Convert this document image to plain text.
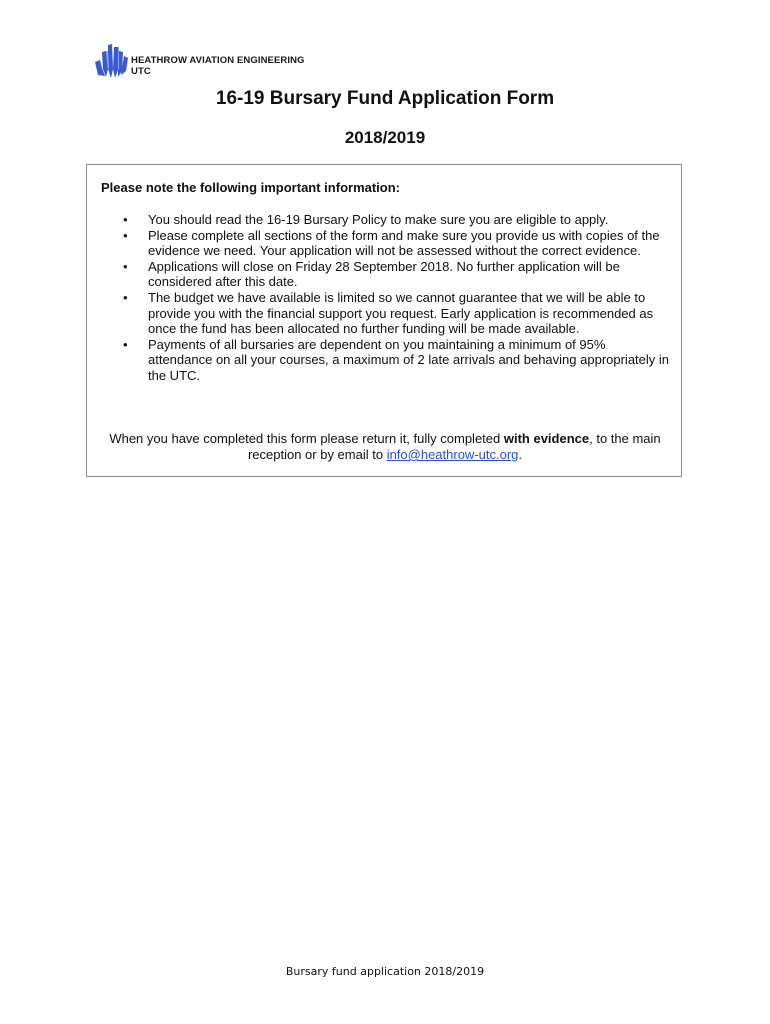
HEATHROW AVIATION ENGINEERING
UTC
16-19 Bursary Fund Application Form
2018/2019
Please note the following important information:
• You should read the 16-19 Bursary Policy to make sure you are eligible to apply.
• Please complete all sections of the form and make sure you provide us with copies of the evidence we need. Your application will not be assessed without the correct evidence.
• Applications will close on Friday 28 September 2018. No further application will be considered after this date.
• The budget we have available is limited so we cannot guarantee that we will be able to provide you with the financial support you request. Early application is recommended as once the fund has been allocated no further funding will be made available.
• Payments of all bursaries are dependent on you maintaining a minimum of 95% attendance on all your courses, a maximum of 2 late arrivals and behaving appropriately in the UTC.
When you have completed this form please return it, fully completed with evidence, to the main reception or by email to info@heathrow-utc.org.
Bursary fund application 2018/2019
